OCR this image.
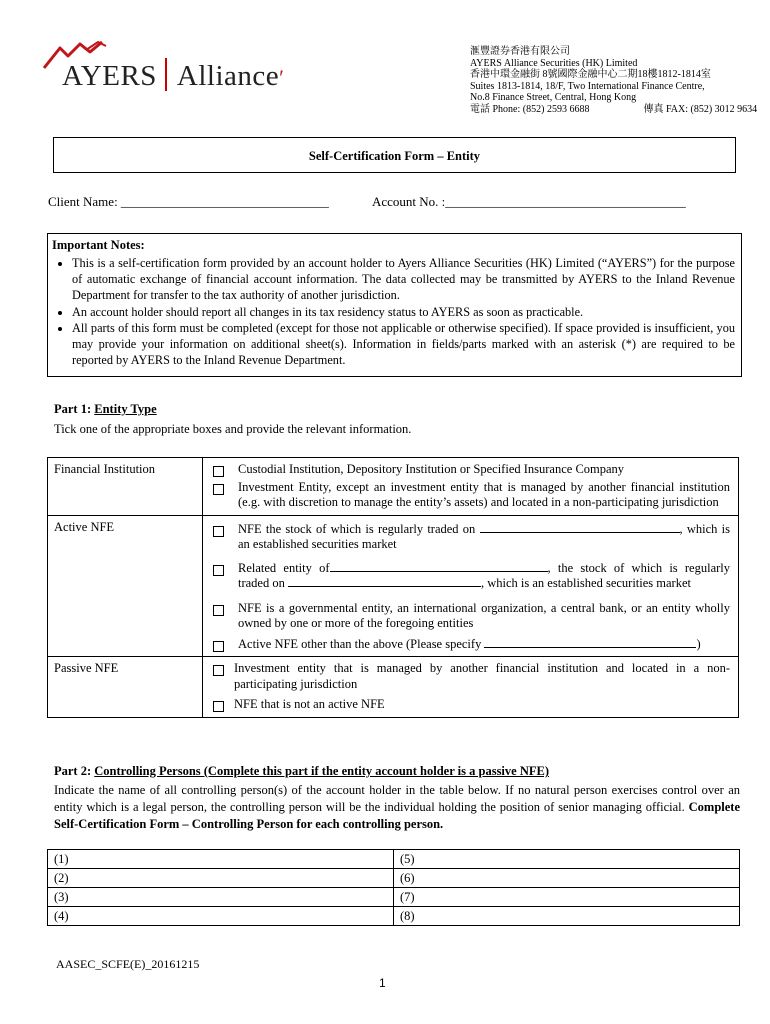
AYERS Alliance′
滙豐證券香港有限公司
AYERS Alliance Securities (HK) Limited
香港中環金融街 8號國際金融中心二期18樓1812-1814室
Suites 1813-1814, 18/F, Two International Finance Centre,
No.8 Finance Street, Central, Hong Kong
電話 Phone: (852) 2593 6688	傳真 FAX: (852) 3012 9634
Self-Certification Form – Entity
Client Name: ________________________________	Account No. :_____________________________________
Important Notes:
• This is a self-certification form provided by an account holder to Ayers Alliance Securities (HK) Limited (“AYERS”) for the purpose of automatic exchange of financial account information. The data collected may be transmitted by AYERS to the Inland Revenue Department for transfer to the tax authority of another jurisdiction.
• An account holder should report all changes in its tax residency status to AYERS as soon as practicable.
• All parts of this form must be completed (except for those not applicable or otherwise specified). If space provided is insufficient, you may provide your information on additional sheet(s). Information in fields/parts marked with an asterisk (*) are required to be reported by AYERS to the Inland Revenue Department.
Part 1: Entity Type
Tick one of the appropriate boxes and provide the relevant information.
Financial Institution	Custodial Institution, Depository Institution or Specified Insurance Company
Investment Entity, except an investment entity that is managed by another financial institution (e.g. with discretion to manage the entity’s assets) and located in a non-participating jurisdiction

Active NFE	NFE the stock of which is regularly traded on , which is an established securities market
Related entity of , the stock of which is regularly traded on , which is an established securities market
NFE is a governmental entity, an international organization, a central bank, or an entity wholly owned by one or more of the foregoing entities
Active NFE other than the above (Please specify )

Passive NFE	Investment entity that is managed by another financial institution and located in a non-participating jurisdiction
NFE that is not an active NFE
Part 2: Controlling Persons (Complete this part if the entity account holder is a passive NFE)
Indicate the name of all controlling person(s) of the account holder in the table below. If no natural person exercises control over an entity which is a legal person, the controlling person will be the individual holding the position of senior managing official. Complete Self-Certification Form – Controlling Person for each controlling person.
(1)	(5)
(2)	(6)
(3)	(7)
(4)	(8)
AASEC_SCFE(E)_20161215
1
